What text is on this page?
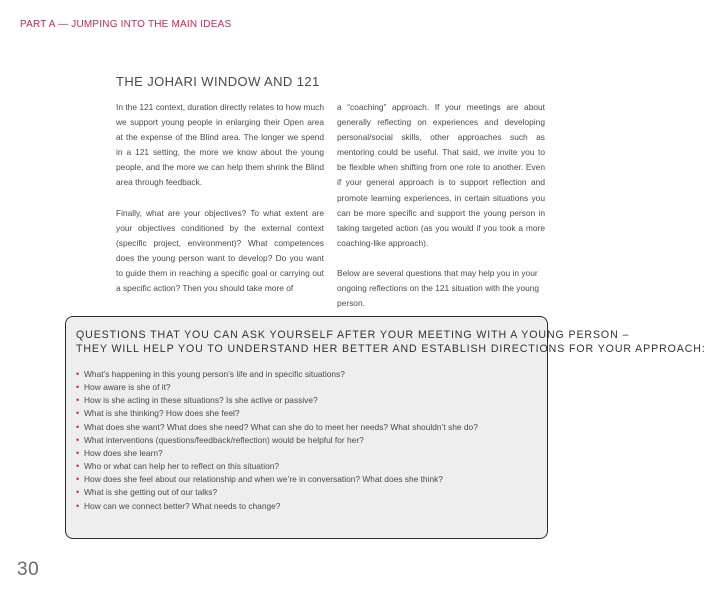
PART A — JUMPING INTO THE MAIN IDEAS
THE JOHARI WINDOW AND 121

In the 121 context, duration directly relates to how much we support young people in enlarging their Open area at the expense of the Blind area. The longer we spend in a 121 setting, the more we know about the young people, and the more we can help them shrink the Blind area through feedback.

Finally, what are your objectives? To what extent are your objectives conditioned by the external context (specific project, environment)? What competences does the young person want to develop? Do you want to guide them in reaching a specific goal or carrying out a specific action? Then you should take more of

a “coaching” approach. If your meetings are about generally reflecting on experiences and developing personal/social skills, other approaches such as mentoring could be useful. That said, we invite you to be flexible when shifting from one role to another. Even if your general approach is to support reflection and promote learning experiences, in certain situations you can be more specific and support the young person in taking targeted action (as you would if you took a more coaching-like approach).

Below are several questions that may help you in your ongoing reflections on the 121 situation with the young person.

QUESTIONS THAT YOU CAN ASK YOURSELF AFTER YOUR MEETING WITH A YOUNG PERSON –
THEY WILL HELP YOU TO UNDERSTAND HER BETTER AND ESTABLISH DIRECTIONS FOR YOUR APPROACH:
• What’s happening in this young person’s life and in specific situations?
• How aware is she of it?
• How is she acting in these situations? Is she active or passive?
• What is she thinking? How does she feel?
• What does she want? What does she need? What can she do to meet her needs? What shouldn’t she do?
• What interventions (questions/feedback/reflection) would be helpful for her?
• How does she learn?
• Who or what can help her to reflect on this situation?
• How does she feel about our relationship and when we’re in conversation? What does she think?
• What is she getting out of our talks?
• How can we connect better? What needs to change?
30
